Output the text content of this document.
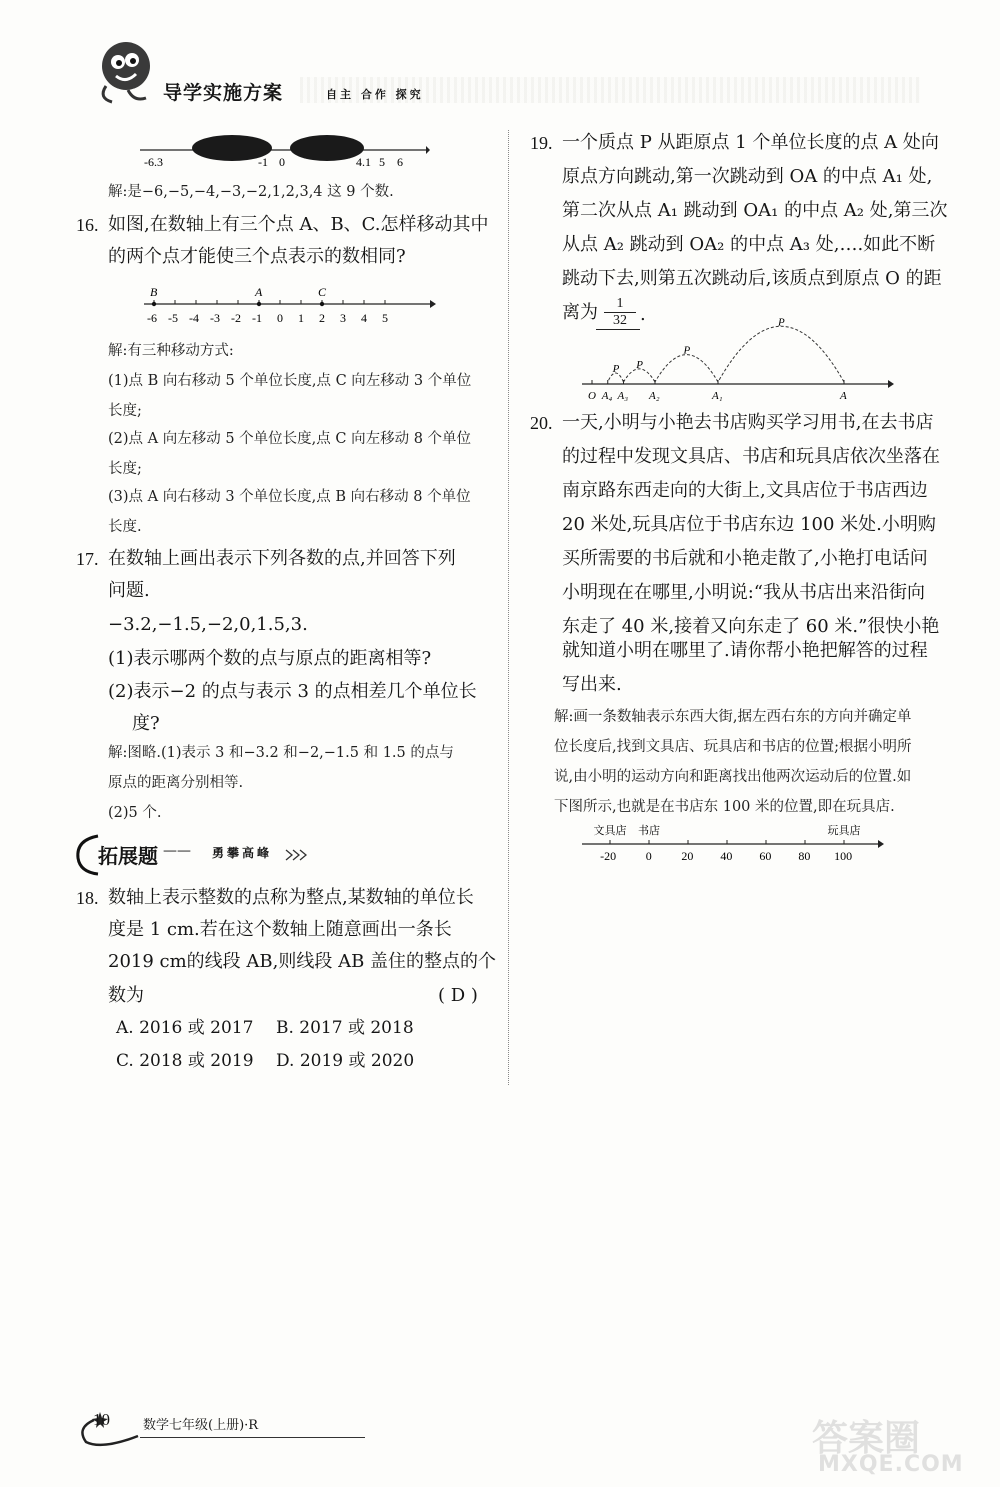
导学实施方案	自主 合作 探究
-6.3	-1 0	4.1 5 6
解:是−6,−5,−4,−3,−2,1,2,3,4 这 9 个数.
16. 如图,在数轴上有三个点 A、B、C.怎样移动其中
的两个点才能使三个点表示的数相同?
-6 -5 -4 -3 -2 -1 0 1 2 3 4 5
B	A	C
解:有三种移动方式:
(1)点 B 向右移动 5 个单位长度,点 C 向左移动 3 个单位
长度;
(2)点 A 向左移动 5 个单位长度,点 C 向左移动 8 个单位
长度;
(3)点 A 向右移动 3 个单位长度,点 B 向右移动 8 个单位
长度.
17. 在数轴上画出表示下列各数的点,并回答下列
问题.
−3.2,−1.5,−2,0,1.5,3.
(1)表示哪两个数的点与原点的距离相等?
(2)表示−2 的点与表示 3 的点相差几个单位长
度?
解:图略.(1)表示 3 和−3.2 和−2,−1.5 和 1.5 的点与
原点的距离分别相等.
(2)5 个.
拓展题 —— 勇攀高峰
18. 数轴上表示整数的点称为整点,某数轴的单位长
度是 1 cm.若在这个数轴上随意画出一条长
2019 cm的线段 AB,则线段 AB 盖住的整点的个
数为	( D )
A. 2016 或 2017 B. 2017 或 2018
C. 2018 或 2019 D. 2019 或 2020
19. 一个质点 P 从距原点 1 个单位长度的点 A 处向
原点方向跳动,第一次跳动到 OA 的中点 A₁ 处,
第二次从点 A₁ 跳动到 OA₁ 的中点 A₂ 处,第三次
从点 A₂ 跳动到 OA₂ 的中点 A₃ 处,….如此不断
跳动下去,则第五次跳动后,该质点到原点 O 的距
离为	1
32 .
O A₄ A₃ A₂	A₁	A
P
P
P
P
20. 一天,小明与小艳去书店购买学习用书,在去书店
的过程中发现文具店、书店和玩具店依次坐落在
南京路东西走向的大街上,文具店位于书店西边
20 米处,玩具店位于书店东边 100 米处.小明购
买所需要的书后就和小艳走散了,小艳打电话问
小明现在在哪里,小明说:“我从书店出来沿街向
东走了 40 米,接着又向东走了 60 米.”很快小艳
就知道小明在哪里了.请你帮小艳把解答的过程
写出来.
解:画一条数轴表示东西大街,据左西右东的方向并确定单
位长度后,找到文具店、玩具店和书店的位置;根据小明所
说,由小明的运动方向和距离找出他两次运动后的位置.如
下图所示,也就是在书店东 100 米的位置,即在玩具店.
-20 0 20 40 60 80 100
文具店 书店	玩具店
10	数学七年级(上册)·R	答案圈
MXQE.COM
